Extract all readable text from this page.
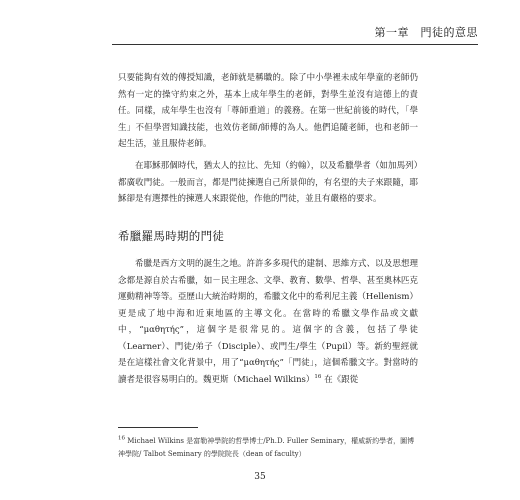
第一章　門徒的意思

只要能夠有效的傳授知識，老師就是稱職的。除了中小學裡未成年學童的老師仍然有一定的操守約束之外，基本上成年學生的老師，對學生並沒有這德上的責任。同樣，成年學生也沒有「尊師重道」的義務。在第一世紀前後的時代，「學生」不但學習知識技能，也效仿老師/師傅的為人。他們追隨老師，也和老師一起生活，並且服侍老師。

在耶穌那個時代，猶太人的拉比、先知（約翰），以及希臘學者（如加馬列）都廣收門徒。一般而言，都是門徒揀選自己所景仰的，有名望的夫子來跟隨，耶穌卻是有選擇性的揀選人來跟從他，作他的門徒，並且有嚴格的要求。

希臘羅馬時期的門徒

希臘是西方文明的誕生之地。許許多多現代的建制、思維方式、以及思想理念都是源自於古希臘，如－民主理念、文學、教育、數學、哲學、甚至奧林匹克運動精神等等。亞歷山大統治時期的，希臘文化中的希利尼主義（Hellenism）更是成了地中海和近東地區的主導文化。在當時的希臘文學作品或文獻中，“μαθητής”，這個字是很常見的。這個字的含義，包括了學徒（Learner）、門徒/弟子（Disciple）、或門生/學生（Pupil）等。新約聖經就是在這樣社會文化背景中，用了“μαθητής”「門徒」，這個希臘文字。對當時的讀者是很容易明白的。魏更斯（Michael Wilkins）$^{16}$ 在《跟從

$^{16}$ Michael Wilkins 是富勒神學院的哲學博士/Ph.D. Fuller Seminary，權威新約學者，圖博神學院/ Talbot Seminary 的學院院長（dean of faculty）
35
